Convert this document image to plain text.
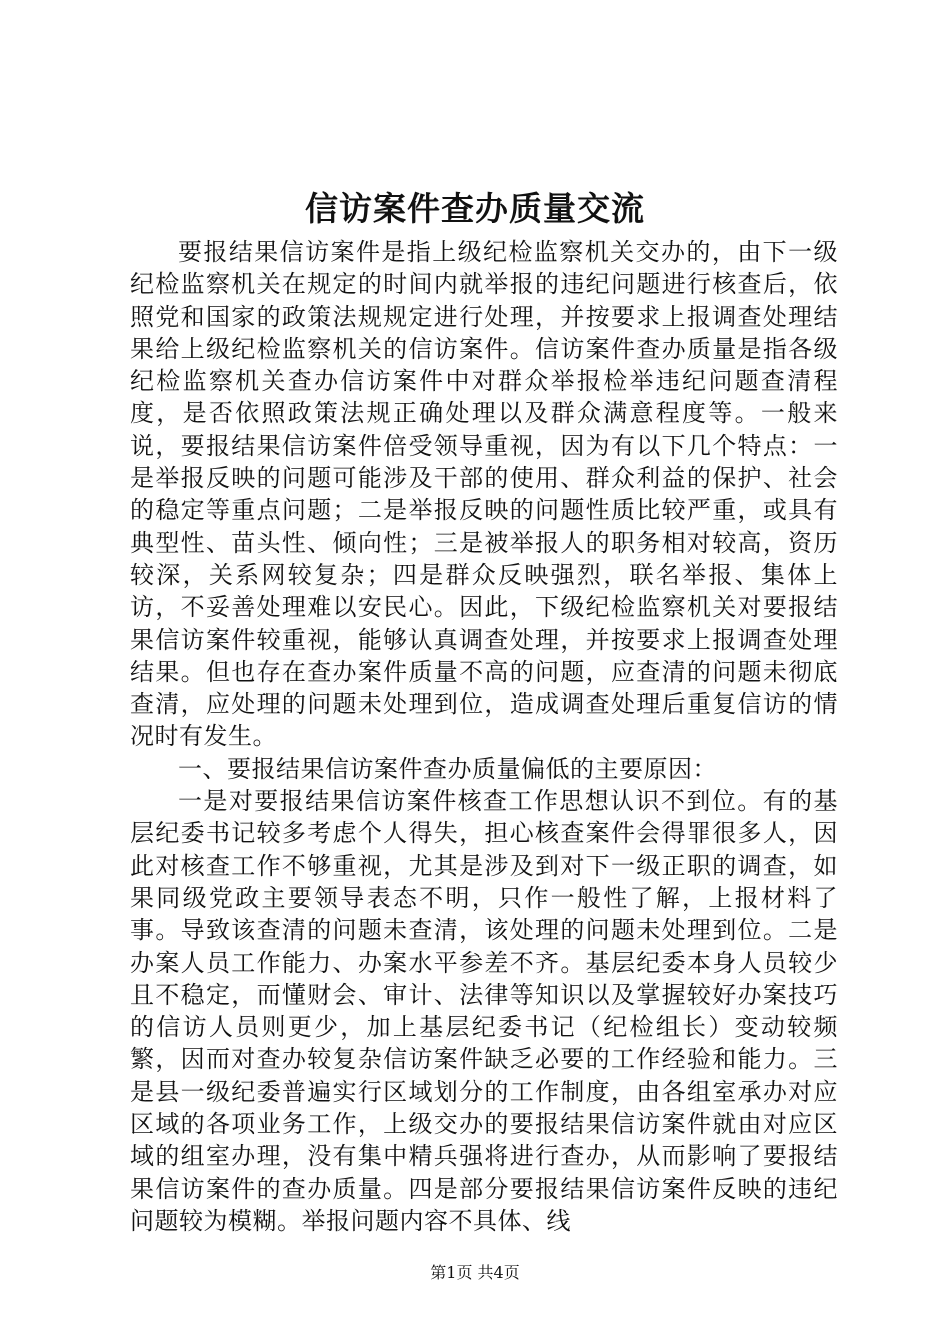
信访案件查办质量交流

要报结果信访案件是指上级纪检监察机关交办的，由下一级纪检监察机关在规定的时间内就举报的违纪问题进行核查后，依照党和国家的政策法规规定进行处理，并按要求上报调查处理结果给上级纪检监察机关的信访案件。信访案件查办质量是指各级纪检监察机关查办信访案件中对群众举报检举违纪问题查清程度，是否依照政策法规正确处理以及群众满意程度等。一般来说，要报结果信访案件倍受领导重视，因为有以下几个特点：一是举报反映的问题可能涉及干部的使用、群众利益的保护、社会的稳定等重点问题；二是举报反映的问题性质比较严重，或具有典型性、苗头性、倾向性；三是被举报人的职务相对较高，资历较深，关系网较复杂；四是群众反映强烈，联名举报、集体上访，不妥善处理难以安民心。因此，下级纪检监察机关对要报结果信访案件较重视，能够认真调查处理，并按要求上报调查处理结果。但也存在查办案件质量不高的问题，应查清的问题未彻底查清，应处理的问题未处理到位，造成调查处理后重复信访的情况时有发生。

一、要报结果信访案件查办质量偏低的主要原因：

一是对要报结果信访案件核查工作思想认识不到位。有的基层纪委书记较多考虑个人得失，担心核查案件会得罪很多人，因此对核查工作不够重视，尤其是涉及到对下一级正职的调查，如果同级党政主要领导表态不明，只作一般性了解，上报材料了事。导致该查清的问题未查清，该处理的问题未处理到位。二是办案人员工作能力、办案水平参差不齐。基层纪委本身人员较少且不稳定，而懂财会、审计、法律等知识以及掌握较好办案技巧的信访人员则更少，加上基层纪委书记（纪检组长）变动较频繁，因而对查办较复杂信访案件缺乏必要的工作经验和能力。三是县一级纪委普遍实行区域划分的工作制度，由各组室承办对应区域的各项业务工作，上级交办的要报结果信访案件就由对应区域的组室办理，没有集中精兵强将进行查办，从而影响了要报结果信访案件的查办质量。四是部分要报结果信访案件反映的违纪问题较为模糊。举报问题内容不具体、线

第1页 共4页
